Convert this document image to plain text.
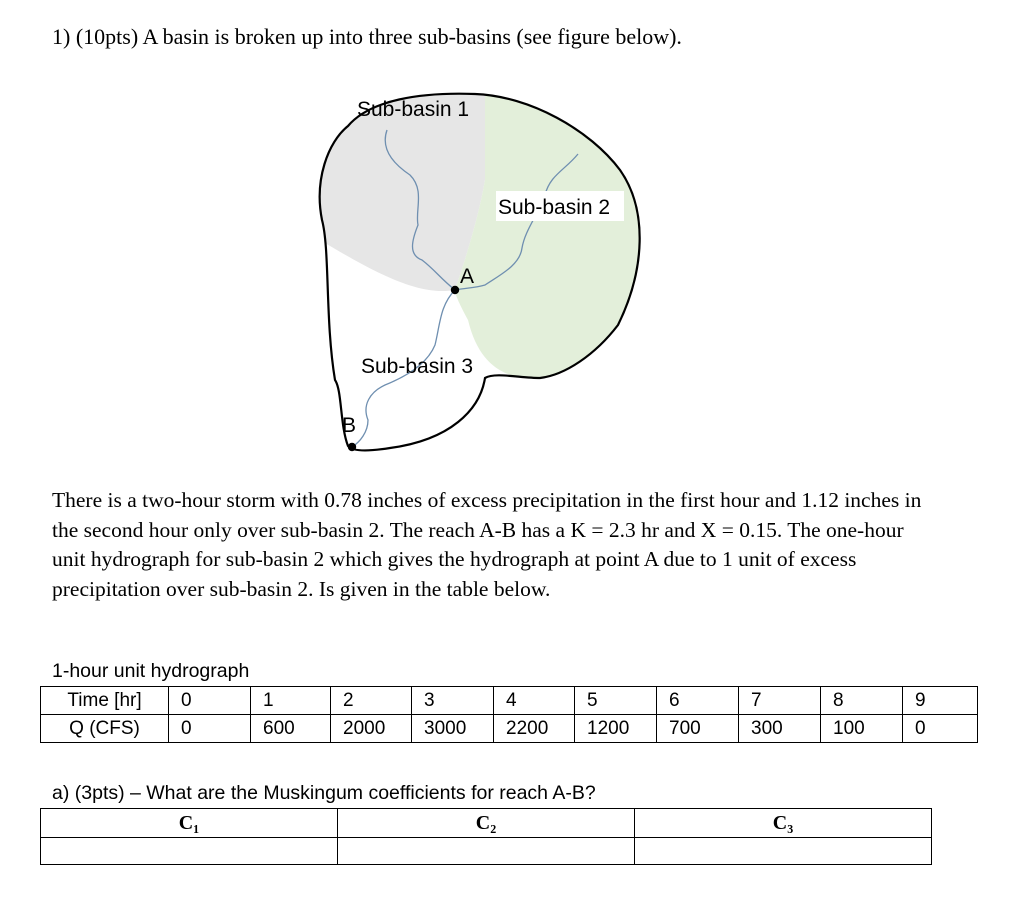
1) (10pts) A basin is broken up into three sub-basins (see figure below).
Sub-basin 1
Sub-basin 2
Sub-basin 3
A
B
There is a two-hour storm with 0.78 inches of excess precipitation in the first hour and 1.12 inches in the second hour only over sub-basin 2. The reach A-B has a K = 2.3 hr and X = 0.15. The one-hour unit hydrograph for sub-basin 2 which gives the hydrograph at point A due to 1 unit of excess precipitation over sub-basin 2. Is given in the table below.
1-hour unit hydrograph
Time [hr]	0	1	2	3	4	5	6	7	8	9
Q (CFS)	0	600	2000	3000	2200	1200	700	300	100	0
a) (3pts) – What are the Muskingum coefficients for reach A-B?
C₁	C₂	C₃
